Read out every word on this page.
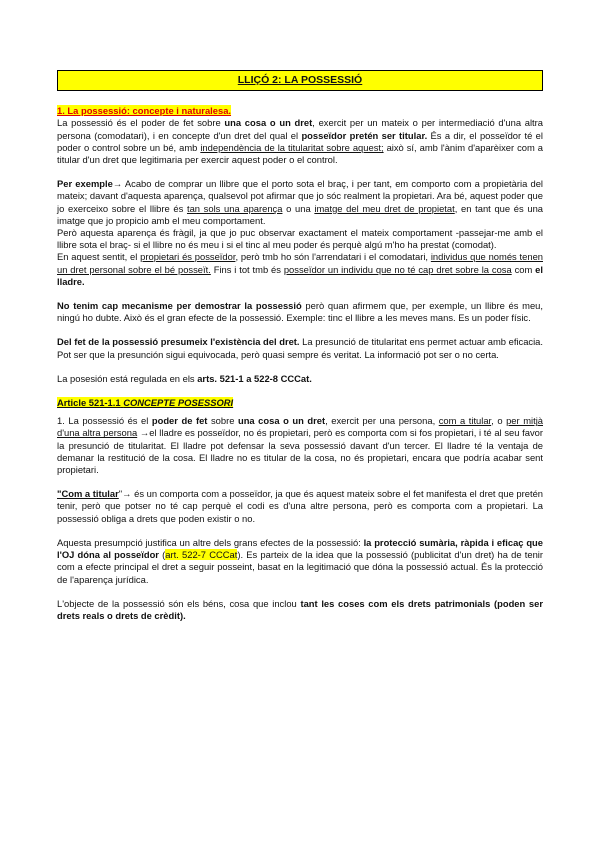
LLIÇÓ 2: LA POSSESSIÓ
1. La possessió: concepte i naturalesa.

La possessió és el poder de fet sobre una cosa o un dret, exercit per un mateix o per intermediació d'una altra persona (comodatari), i en concepte d'un dret del qual el posseïdor pretén ser titular. És a dir, el posseïdor té el poder o control sobre un bé, amb independència de la titularitat sobre aquest; això sí, amb l'ànim d'aparèixer com a titular d'un dret que legitimaria per exercir aquest poder o el control.

Per exemple→ Acabo de comprar un llibre que el porto sota el braç, i per tant, em comporto com a propietària del mateix; davant d'aquesta aparença, qualsevol pot afirmar que jo sóc realment la propietari. Ara bé, aquest poder que jo exerceixo sobre el llibre és tan sols una aparença o una imatge del meu dret de propietat, en tant que és una imatge que jo propicio amb el meu comportament.

Però aquesta aparença és fràgil, ja que jo puc observar exactament el mateix comportament -passejar-me amb el llibre sota el braç- si el llibre no és meu i si el tinc al meu poder és perquè algú m'ho ha prestat (comodat).

En aquest sentit, el propietari és posseïdor, però tmb ho són l'arrendatari i el comodatari, individus que només tenen un dret personal sobre el bé posseït. Fins i tot tmb és posseïdor un individu que no té cap dret sobre la cosa com el lladre.

No tenim cap mecanisme per demostrar la possessió però quan afirmem que, per exemple, un llibre és meu, ningú ho dubte. Això és el gran efecte de la possessió. Exemple: tinc el llibre a les meves mans. Es un poder físic.

Del fet de la possessió presumeix l'existència del dret. La presunció de titularitat ens permet actuar amb eficacia. Pot ser que la presunción sigui equivocada, però quasi sempre és veritat. La informació pot ser o no certa.

La posesión está regulada en els arts. 521-1 a 522-8 CCCat.

Article 521-1.1 CONCEPTE POSESSORI

1. La possessió és el poder de fet sobre una cosa o un dret, exercit per una persona, com a titular, o per mitjà d'una altra persona →el lladre es posseïdor, no és propietari, però es comporta com si fos propietari, i té al seu favor la presunció de titularitat. El lladre pot defensar la seva possessió davant d'un tercer. El lladre té la ventaja de demanar la restitució de la cosa. El lladre no es titular de la cosa, no és propietari, encara que podría acabar sent propietari.

"Com a titular"→ és un comporta com a posseïdor, ja que és aquest mateix sobre el fet manifesta el dret que pretén tenir, però que potser no té cap perquè el codi es d'una altre persona, però es comporta com a propietari. La possessió obliga a drets que poden existir o no.

Aquesta presumpció justifica un altre dels grans efectes de la possessió: la protecció sumària, ràpida i eficaç que l'OJ dóna al posseïdor (art. 522-7 CCCat). Es parteix de la idea que la possessió (publicitat d'un dret) ha de tenir com a efecte principal el dret a seguir posseint, basat en la legitimació que dóna la possessió actual. És la protecció de l'aparença jurídica.

L'objecte de la possessió són els béns, cosa que inclou tant les coses com els drets patrimonials (poden ser drets reals o drets de crèdit).
